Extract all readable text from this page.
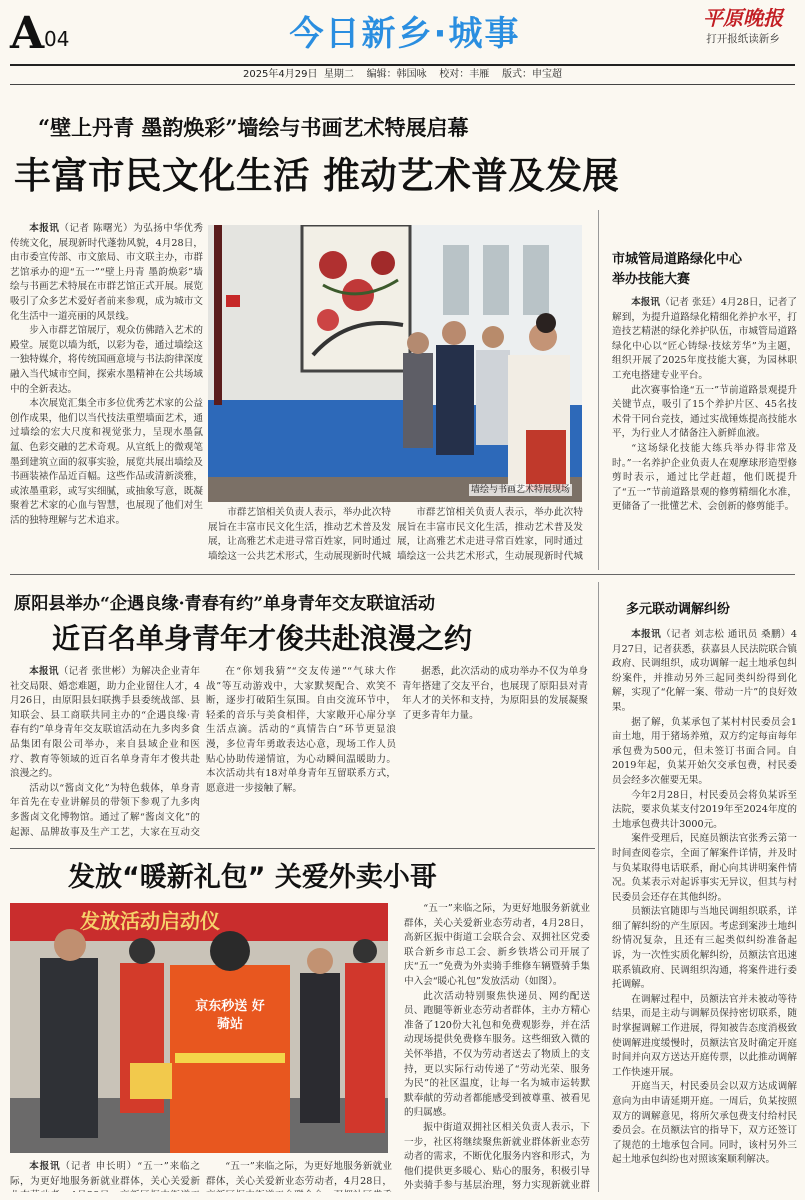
A 04	今日新乡·城事	平原晚报
打开报纸读新乡
2025年4月29日  星期二    编辑：韩国咏    校对：丰雁    版式：申宝超
“壁上丹青 墨韵焕彩”墙绘与书画艺术特展启幕
丰富市民文化生活 推动艺术普及发展

本报讯（记者 陈曙光）为弘扬中华优秀传统文化，展现新时代蓬勃风貌，4月28日，由市委宣传部、市文旅局、市文联主办，市群艺馆承办的迎“五一”“壁上丹青 墨韵焕彩”墙绘与书画艺术特展在市群艺馆正式开展。展览吸引了众多艺术爱好者前来参观，成为城市文化生活中一道亮丽的风景线。

步入市群艺馆展厅，观众仿佛踏入艺术的殿堂。展览以墙为纸，以彩为卷，通过墙绘这一独特媒介，将传统国画意境与书法韵律深度融入当代城市空间，探索水墨精神在公共场域中的全新表达。

本次展览汇集全市多位优秀艺术家的公益创作成果，他们以当代技法重塑墙面艺术，通过墙绘的宏大尺度和视觉张力，呈现水墨氤氲、色彩交融的艺术奇观。从宣纸上的微观笔墨到建筑立面的叙事实验，展览共展出墙绘及书画装裱作品近百幅。这些作品或清新淡雅，或浓墨重彩，或写实细腻，或抽象写意，既凝聚着艺术家的心血与智慧，也展现了他们对生活的独特理解与艺术追求。

墙绘与书画艺术特展现场

市群艺馆相关负责人表示，举办此次特展旨在丰富市民文化生活，推动艺术普及发展，让高雅艺术走进寻常百姓家，同时通过墙绘这一公共艺术形式，生动展现新时代城

市群艺馆相关负责人表示，举办此次特展旨在丰富市民文化生活，推动艺术普及发展，让高雅艺术走进寻常百姓家，同时通过墙绘这一公共艺术形式，生动展现新时代城

市城管局道路绿化中心
举办技能大赛

本报讯（记者 张廷）4月28日，记者了解到，为提升道路绿化精细化养护水平，打造技艺精湛的绿化养护队伍，市城管局道路绿化中心以“匠心铸绿·技炫芳华”为主题，组织开展了2025年度技能大赛，为园林职工充电搭建专业平台。

此次赛事恰逢“五一”节前道路景观提升关键节点，吸引了15个养护片区、45名技术骨干同台竞技，通过实战锤炼提高技能水平，为行业人才储备注入新鲜血液。

“这场绿化技能大练兵举办得非常及时。”一名养护企业负责人在观摩球形造型修剪时表示，通过比学赶超，他们既提升了“五一”节前道路景观的修剪精细化水准，更储备了一批懂艺术、会创新的修剪能手。

原阳县举办“企遇良缘·青春有约”单身青年交友联谊活动
近百名单身青年才俊共赴浪漫之约

本报讯（记者 张世彬）为解决企业青年社交局限、婚恋难题，助力企业留住人才，4月26日，由原阳县妇联携手县委统战部、县知联会、县工商联共同主办的“企遇良缘·青春有约”单身青年交友联谊活动在九多肉多食品集团有限公司举办，来自县域企业和医疗、教育等领域的近百名单身青年才俊共赴浪漫之约。

活动以“酱卤文化”为特色载体，单身青年首先在专业讲解员的带领下参观了九多肉多酱卤文化博物馆。通过了解“酱卤文化”的起源、品牌故事及生产工艺，大家在互动交

在“你划我猜”“交友传递”“气球大作战”等互动游戏中，大家默契配合、欢笑不断，逐步打破陌生氛围。自由交流环节中，轻柔的音乐与美食相伴，大家敞开心扉分享生活点滴。活动的“真情告白”环节更显浪漫，多位青年勇敢表达心意，现场工作人员贴心协助传递情谊，为心动瞬间温暖助力。本次活动共有18对单身青年互留联系方式，愿意进一步接触了解。

据悉，此次活动的成功举办不仅为单身青年搭建了交友平台，也展现了原阳县对青年人才的关怀和支持，为原阳县的发展凝聚了更多青年力量。

多元联动调解纠纷

本报讯（记者 刘志松 通讯员 桑鹏）4月27日，记者获悉，获嘉县人民法院联合镇政府、民调组织，成功调解一起土地承包纠纷案件，并推动另外三起同类纠纷得到化解，实现了“化解一案、带动一片”的良好效果。

据了解，负某承包了某村村民委员会1亩土地，用于猪场养殖，双方约定每亩每年承包费为500元，但未签订书面合同。自2019年起，负某开始欠交承包费，村民委员会经多次催要无果。

今年2月28日，村民委员会将负某诉至法院，要求负某支付2019年至2024年度的土地承包费共计3000元。

案件受理后，民庭员额法官张秀云第一时间查阅卷宗，全面了解案件详情，并及时与负某取得电话联系，耐心向其讲明案件情况。负某表示对起诉事实无异议，但其与村民委员会还存在其他纠纷。

员额法官随即与当地民调组织联系，详细了解纠纷的产生原因。考虑到案涉土地纠纷情况复杂，且还有三起类似纠纷准备起诉，为一次性实质化解纠纷，员额法官迅速联系镇政府、民调组织沟通，将案件进行委托调解。

在调解过程中，员额法官并未被动等待结果，而是主动与调解员保持密切联系，随时掌握调解工作进展，得知被告态度消极致使调解进度缓慢时，员额法官及时确定开庭时间并向双方送达开庭传票，以此推动调解工作快速开展。

开庭当天，村民委员会以双方达成调解意向为由申请延期开庭。一周后，负某按照双方的调解意见，将所欠承包费支付给村民委员会。在员额法官的指导下，双方还签订了规范的土地承包合同。同时，该村另外三起土地承包纠纷也对照该案顺利解决。

发放“暖新礼包” 关爱外卖小哥
发放活动启动仪
京东秒送 好骑站

“五一”来临之际，为更好地服务新就业群体，关心关爱新业态劳动者，4月28日，高新区振中街道工会联合会、双拥社区党委联合新乡市总工会、新乡铁塔公司开展了庆“五一”免费为外卖骑手维修车辆暨骑手集中入会“暖心礼包”发放活动（如图）。

此次活动特别聚焦快递员、网约配送员、跑腿等新业态劳动者群体，主办方精心准备了120份大礼包和免费观影券，并在活动现场提供免费修车服务。这些细致入微的关怀举措，不仅为劳动者送去了物质上的支持，更以实际行动传递了“劳动光荣、服务为民”的社区温度，让每一名为城市运转默默奉献的劳动者都能感受到被尊重、被看见的归属感。

振中街道双拥社区相关负责人表示，下一步，社区将继续聚焦新就业群体新业态劳动者的需求，不断优化服务内容和形式，为他们提供更多暖心、贴心的服务，积极引导外卖骑手参与基层治理，努力实现新就业群

本报讯（记者 申长明）“五一”来临之际，为更好地服务新就业群体，关心关爱新

“五一”来临之际，为更好地服务新就业群体，关心关爱新业态劳动者，4月28日，
